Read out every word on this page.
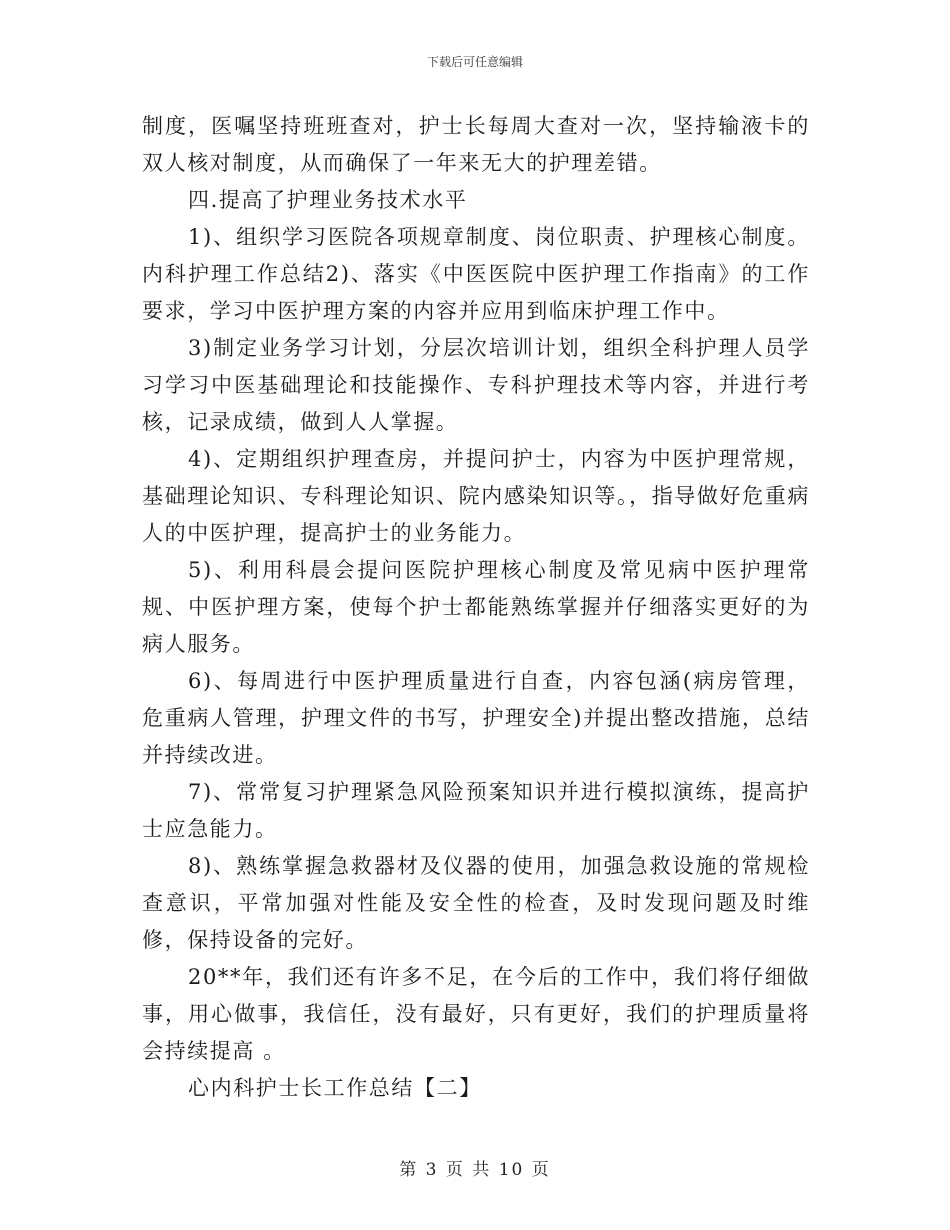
下载后可任意编辑

制度，医嘱坚持班班查对，护士长每周大查对一次，坚持输液卡的双人核对制度，从而确保了一年来无大的护理差错。

四.提高了护理业务技术水平

1)、组织学习医院各项规章制度、岗位职责、护理核心制度。内科护理工作总结2)、落实《中医医院中医护理工作指南》的工作要求，学习中医护理方案的内容并应用到临床护理工作中。

3)制定业务学习计划，分层次培训计划，组织全科护理人员学习学习中医基础理论和技能操作、专科护理技术等内容，并进行考核，记录成绩，做到人人掌握。

4)、定期组织护理查房，并提问护士，内容为中医护理常规，基础理论知识、专科理论知识、院内感染知识等。，指导做好危重病人的中医护理，提高护士的业务能力。

5)、利用科晨会提问医院护理核心制度及常见病中医护理常规、中医护理方案，使每个护士都能熟练掌握并仔细落实更好的为病人服务。

6)、每周进行中医护理质量进行自查，内容包涵(病房管理，危重病人管理，护理文件的书写，护理安全)并提出整改措施，总结并持续改进。

7)、常常复习护理紧急风险预案知识并进行模拟演练，提高护士应急能力。

8)、熟练掌握急救器材及仪器的使用，加强急救设施的常规检查意识，平常加强对性能及安全性的检查，及时发现问题及时维修，保持设备的完好。

20**年，我们还有许多不足，在今后的工作中，我们将仔细做事，用心做事，我信任，没有最好，只有更好，我们的护理质量将会持续提高 。

心内科护士长工作总结【二】

第 3 页 共 10 页
